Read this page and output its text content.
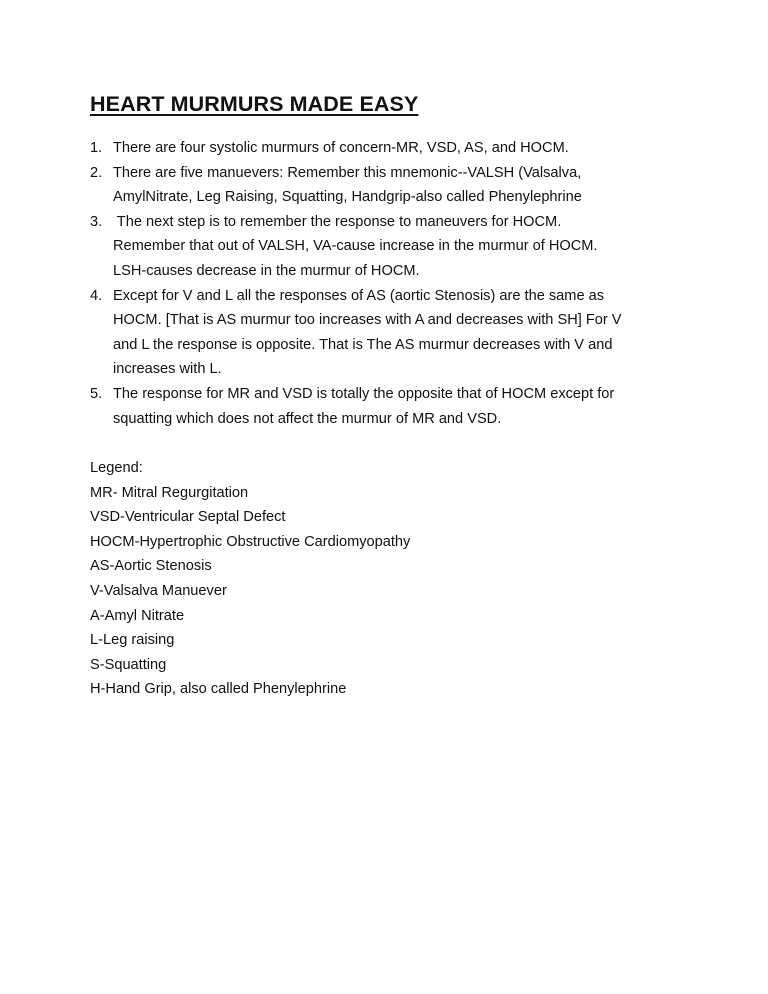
HEART MURMURS MADE EASY
1. There are four systolic murmurs of concern-MR, VSD, AS, and HOCM.
2. There are five manuevers: Remember this mnemonic--VALSH (Valsalva,
AmylNitrate, Leg Raising, Squatting, Handgrip-also called Phenylephrine
3. The next step is to remember the response to maneuvers for HOCM.
Remember that out of VALSH, VA-cause increase in the murmur of HOCM.
LSH-causes decrease in the murmur of HOCM.
4. Except for V and L all the responses of AS (aortic Stenosis) are the same as
HOCM. [That is AS murmur too increases with A and decreases with SH] For V
and L the response is opposite. That is The AS murmur decreases with V and
increases with L.
5. The response for MR and VSD is totally the opposite that of HOCM except for
squatting which does not affect the murmur of MR and VSD.
Legend:
MR- Mitral Regurgitation
VSD-Ventricular Septal Defect
HOCM-Hypertrophic Obstructive Cardiomyopathy
AS-Aortic Stenosis
V-Valsalva Manuever
A-Amyl Nitrate
L-Leg raising
S-Squatting
H-Hand Grip, also called Phenylephrine
